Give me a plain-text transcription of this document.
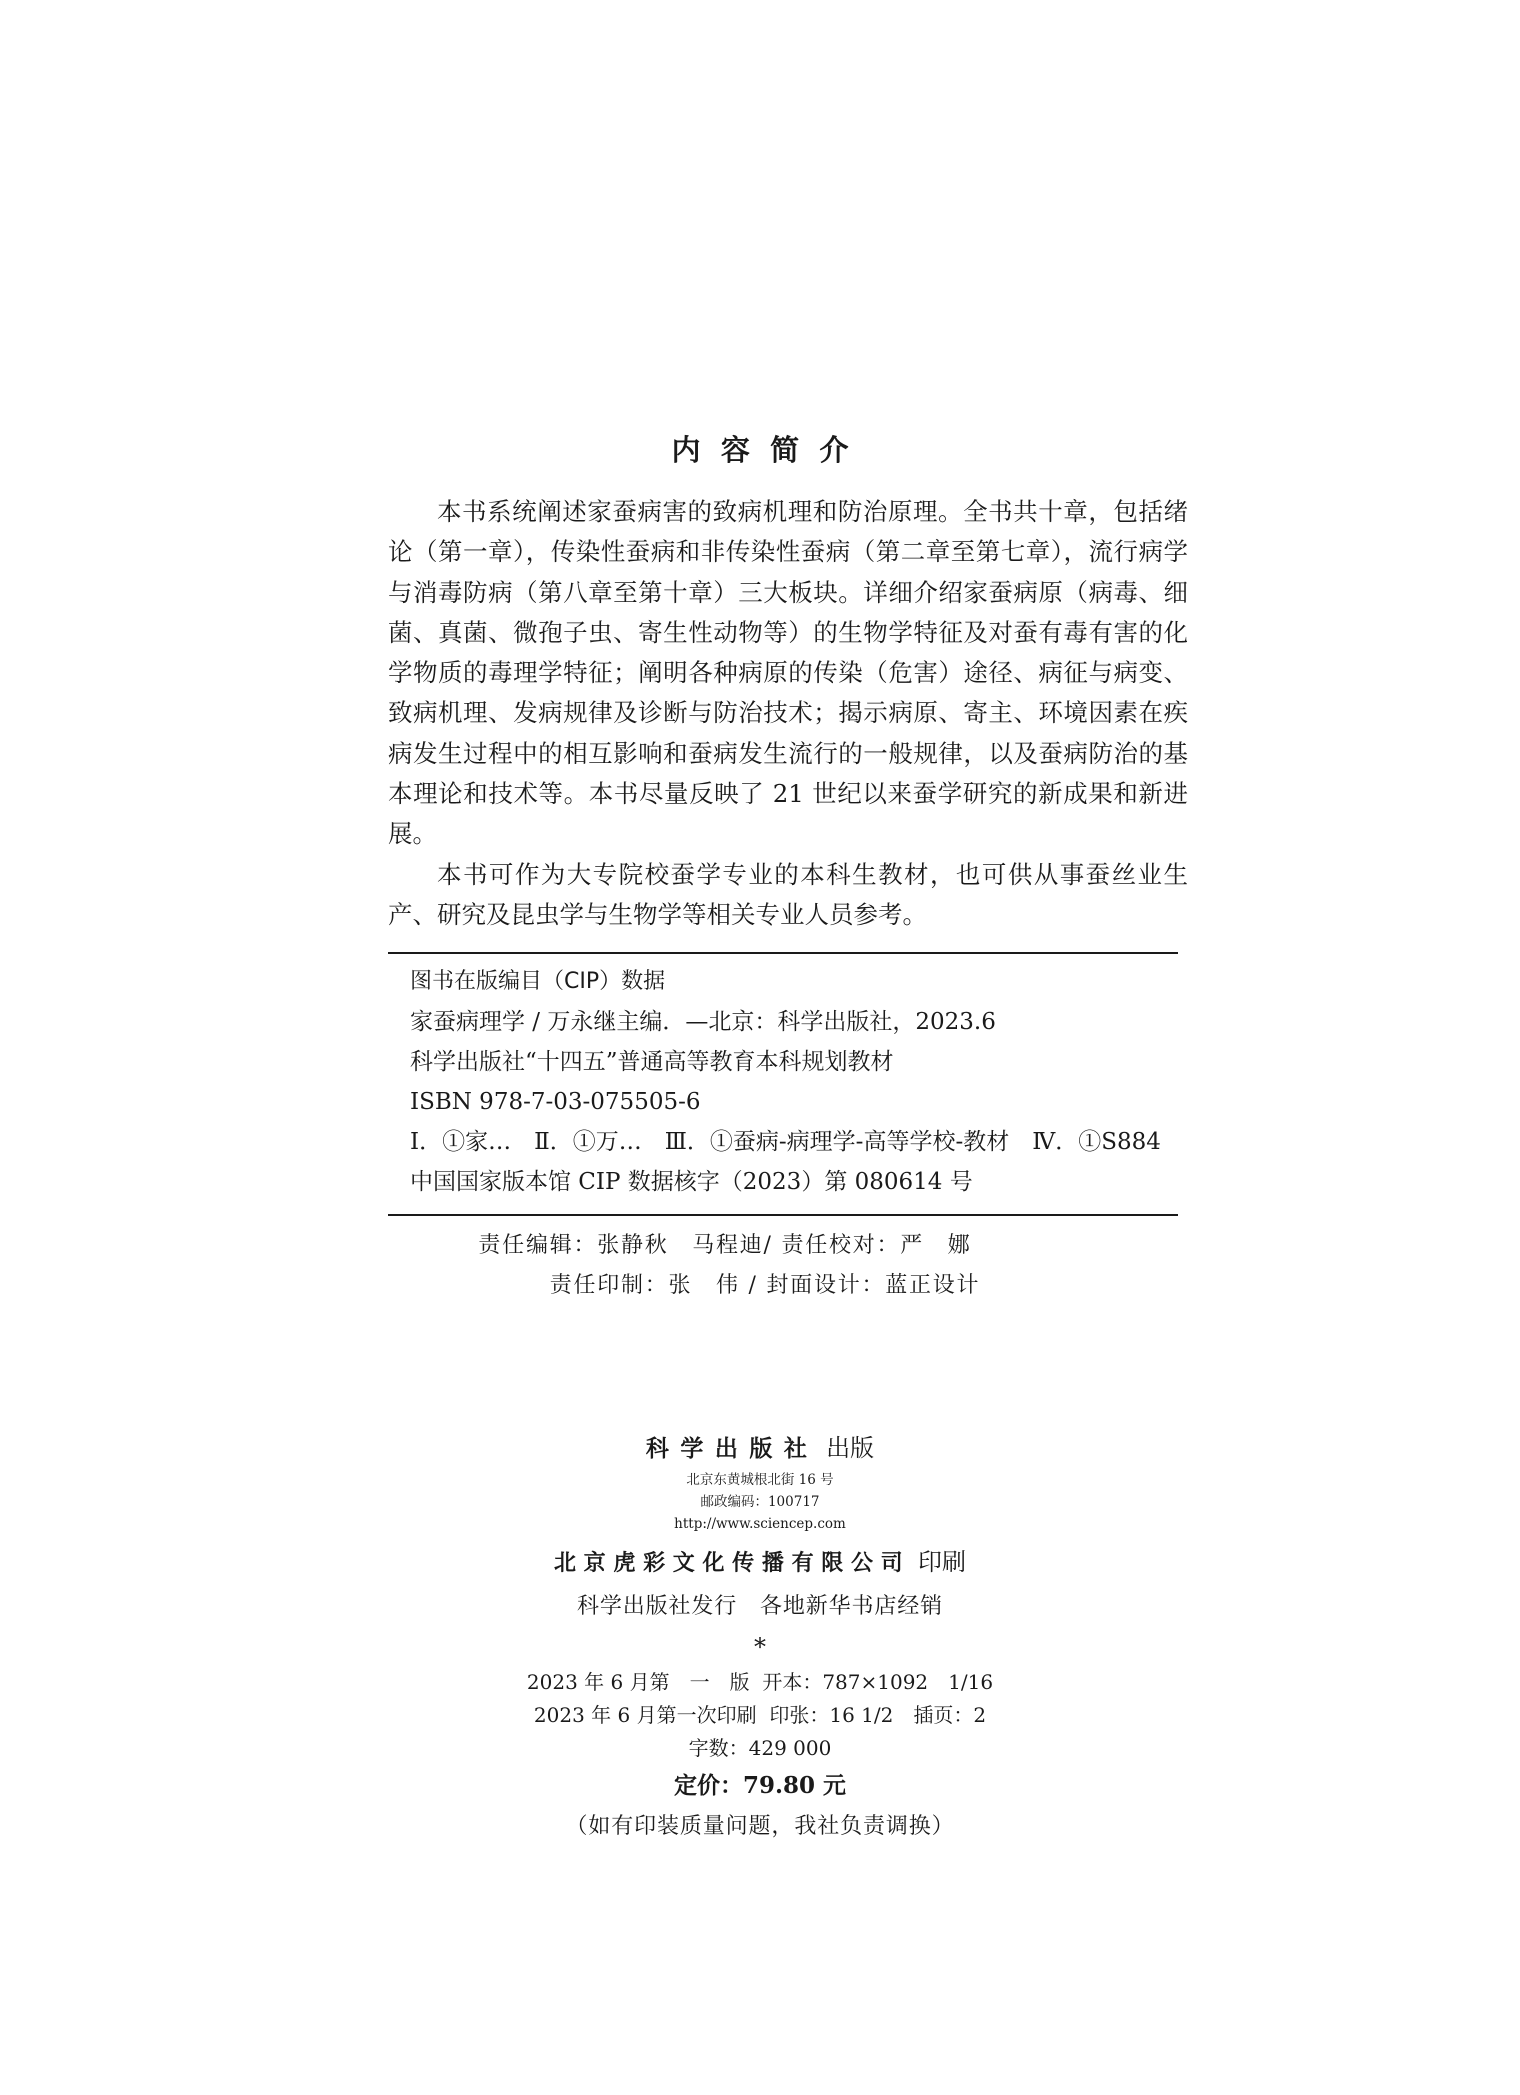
内容简介

本书系统阐述家蚕病害的致病机理和防治原理。全书共十章，包括绪论（第一章），传染性蚕病和非传染性蚕病（第二章至第七章），流行病学与消毒防病（第八章至第十章）三大板块。详细介绍家蚕病原（病毒、细菌、真菌、微孢子虫、寄生性动物等）的生物学特征及对蚕有毒有害的化学物质的毒理学特征；阐明各种病原的传染（危害）途径、病征与病变、致病机理、发病规律及诊断与防治技术；揭示病原、寄主、环境因素在疾病发生过程中的相互影响和蚕病发生流行的一般规律，以及蚕病防治的基本理论和技术等。本书尽量反映了 21 世纪以来蚕学研究的新成果和新进展。

本书可作为大专院校蚕学专业的本科生教材，也可供从事蚕丝业生产、研究及昆虫学与生物学等相关专业人员参考。

图书在版编目（CIP）数据
家蚕病理学 / 万永继主编．—北京：科学出版社，2023.6
科学出版社“十四五”普通高等教育本科规划教材
ISBN 978-7-03-075505-6
Ⅰ．①家…　Ⅱ．①万…　Ⅲ．①蚕病-病理学-高等学校-教材　Ⅳ．①S884
中国国家版本馆 CIP 数据核字（2023）第 080614 号
责任编辑：张静秋　马程迪/ 责任校对：严　娜
责任印制：张　伟 / 封面设计：蓝正设计
科学出版社 出版
北京东黄城根北街 16 号
邮政编码：100717
http://www.sciencep.com
北京虎彩文化传播有限公司 印刷
科学出版社发行　各地新华书店经销
*
2023 年 6 月第　一　版 开本：787×1092　1/16
2023 年 6 月第一次印刷 印张：16 1/2　插页：2
字数：429 000
定价：79.80 元
（如有印装质量问题，我社负责调换）
